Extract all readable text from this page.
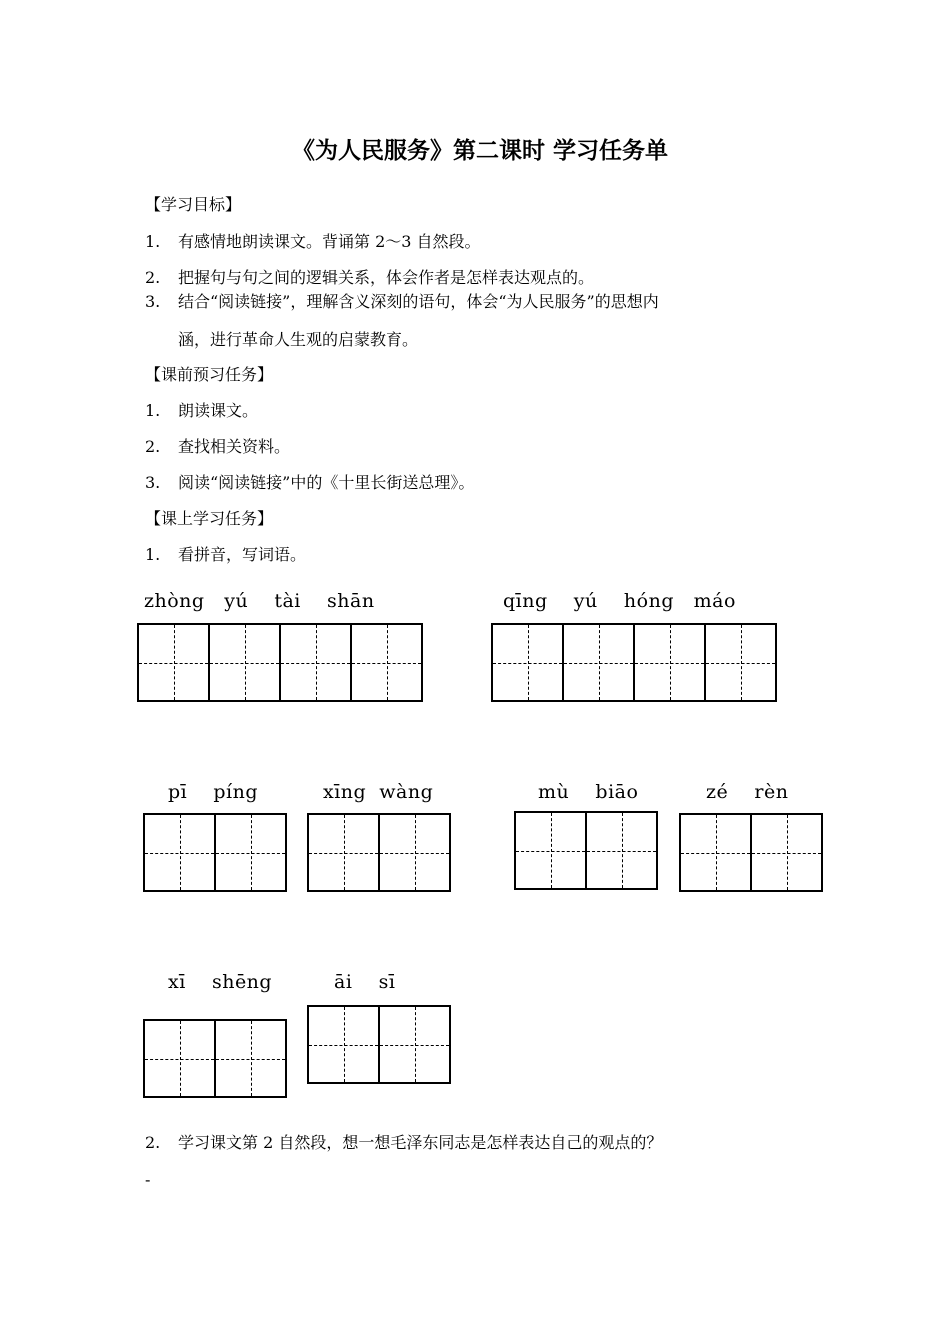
《为人民服务》第二课时 学习任务单
【学习目标】
1. 有感情地朗读课文。背诵第 2～3 自然段。
2. 把握句与句之间的逻辑关系，体会作者是怎样表达观点的。
3. 结合“阅读链接”，理解含义深刻的语句，体会“为人民服务”的思想内
涵，进行革命人生观的启蒙教育。
【课前预习任务】
1. 朗读课文。
2. 查找相关资料。
3. 阅读“阅读链接”中的《十里长街送总理》。
【课上学习任务】
1. 看拼音，写词语。
zhòng   yú    tài    shān	qīng    yú    hóng   máo
pī    píng	xīng  wàng	mù    biāo	zé    rèn
xī    shēng	āi    sī
2. 学习课文第 2 自然段，想一想毛泽东同志是怎样表达自己的观点的？
-
